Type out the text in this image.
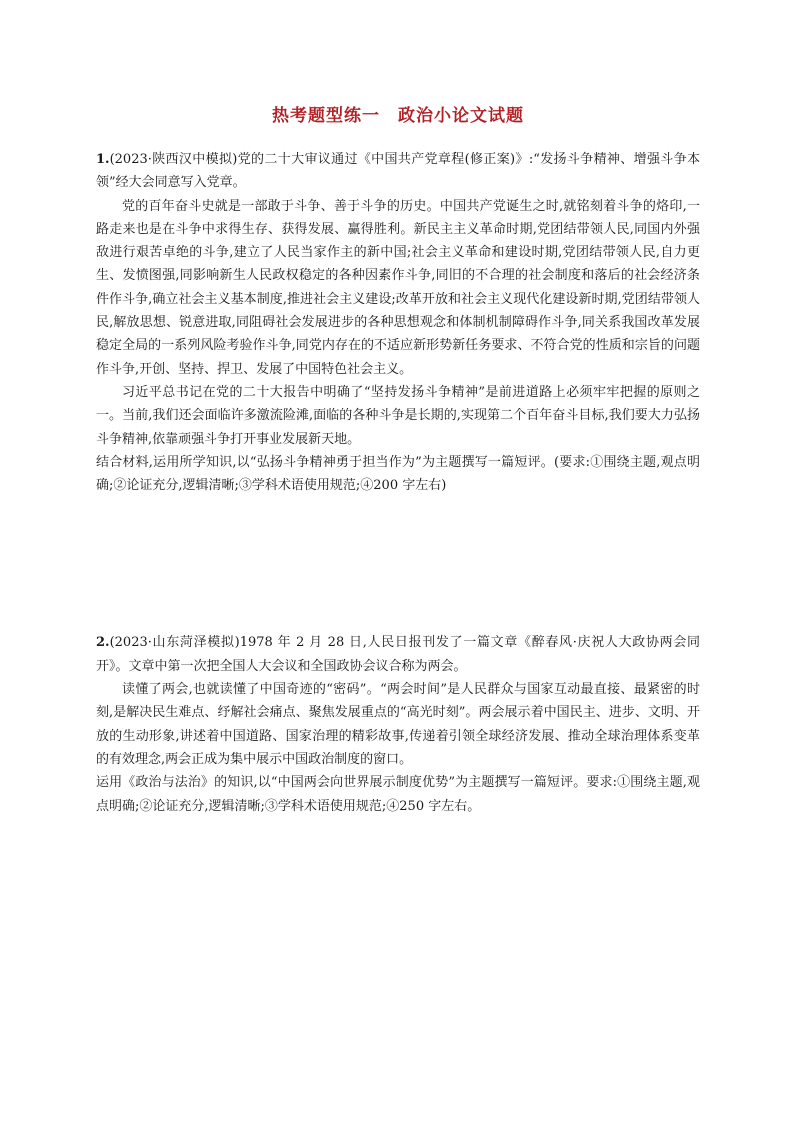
热考题型练一 政治小论文试题

1.(2023·陕西汉中模拟)党的二十大审议通过《中国共产党章程(修正案)》:“发扬斗争精神、增强斗争本领”经大会同意写入党章。

党的百年奋斗史就是一部敢于斗争、善于斗争的历史。中国共产党诞生之时,就铭刻着斗争的烙印,一路走来也是在斗争中求得生存、获得发展、赢得胜利。新民主主义革命时期,党团结带领人民,同国内外强敌进行艰苦卓绝的斗争,建立了人民当家作主的新中国;社会主义革命和建设时期,党团结带领人民,自力更生、发愤图强,同影响新生人民政权稳定的各种因素作斗争,同旧的不合理的社会制度和落后的社会经济条件作斗争,确立社会主义基本制度,推进社会主义建设;改革开放和社会主义现代化建设新时期,党团结带领人民,解放思想、锐意进取,同阻碍社会发展进步的各种思想观念和体制机制障碍作斗争,同关系我国改革发展稳定全局的一系列风险考验作斗争,同党内存在的不适应新形势新任务要求、不符合党的性质和宗旨的问题作斗争,开创、坚持、捍卫、发展了中国特色社会主义。

习近平总书记在党的二十大报告中明确了“坚持发扬斗争精神”是前进道路上必须牢牢把握的原则之一。当前,我们还会面临许多激流险滩,面临的各种斗争是长期的,实现第二个百年奋斗目标,我们要大力弘扬斗争精神,依靠顽强斗争打开事业发展新天地。

结合材料,运用所学知识,以“弘扬斗争精神勇于担当作为”为主题撰写一篇短评。(要求:①围绕主题,观点明确;②论证充分,逻辑清晰;③学科术语使用规范;④200 字左右)

2.(2023·山东菏泽模拟)1978 年 2 月 28 日,人民日报刊发了一篇文章《醉春风·庆祝人大政协两会同开》。文章中第一次把全国人大会议和全国政协会议合称为两会。

读懂了两会,也就读懂了中国奇迹的“密码”。“两会时间”是人民群众与国家互动最直接、最紧密的时刻,是解决民生难点、纾解社会痛点、聚焦发展重点的“高光时刻”。两会展示着中国民主、进步、文明、开放的生动形象,讲述着中国道路、国家治理的精彩故事,传递着引领全球经济发展、推动全球治理体系变革的有效理念,两会正成为集中展示中国政治制度的窗口。

运用《政治与法治》的知识,以“中国两会向世界展示制度优势”为主题撰写一篇短评。要求:①围绕主题,观点明确;②论证充分,逻辑清晰;③学科术语使用规范;④250 字左右。
